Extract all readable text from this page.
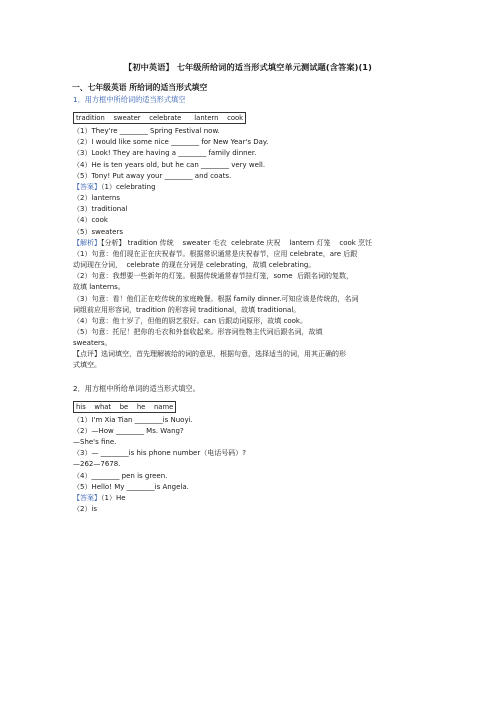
【初中英语】 七年级所给词的适当形式填空单元测试题(含答案)(1)
一、七年级英语 所给词的适当形式填空
1．用方框中所给词的适当形式填空
tradition    sweater    celebrate      lantern    cook
（1）They're ________ Spring Festival now.
（2）I would like some nice ________ for New Year's Day.
（3）Look! They are having a ________ family dinner.
（4）He is ten years old, but he can ________ very well.
（5）Tony! Put away your ________ and coats.
【答案】（1）celebrating
（2）lanterns
（3）traditional
（4）cook
（5）sweaters
【解析】【分析】 tradition 传统    sweater 毛衣  celebrate 庆祝    lantern 灯笼    cook 烹饪
（1）句意：他们现在正在庆祝春节。根据常识通常是庆祝春节，应用 celebrate，are 后跟
动词现在分词，  celebrate 的现在分词是 celebrating，故填 celebrating。
（2）句意：我想要一些新年的灯笼。根据传统通常春节挂灯笼，some  后跟名词的复数，
故填 lanterns。
（3）句意：看！他们正在吃传统的家庭晚餐。根据 family dinner.可知应该是传统的，名词
词组前应用形容词，tradition 的形容词 traditional，故填 traditional。
（4）句意：他十岁了，但他的厨艺很好。can 后跟动词原形，故填 cook。
（5）句意：托尼！把你的毛衣和外套收起来。形容词性物主代词后跟名词，故填
sweaters。
【点评】选词填空，首先理解被给的词的意思，根据句意，选择适当的词，用其正确的形
式填空。
2．用方框中所给单词的适当形式填空。
his    what    be    he    name
（1）I'm Xia Tian ________is Nuoyi.
（2）—How ________ Ms. Wang?
—She's fine.
（3）— ________is his phone number（电话号码）?
—262—7678.
（4）________ pen is green.
（5）Hello! My ________is Angela.
【答案】（1）He
（2）is
